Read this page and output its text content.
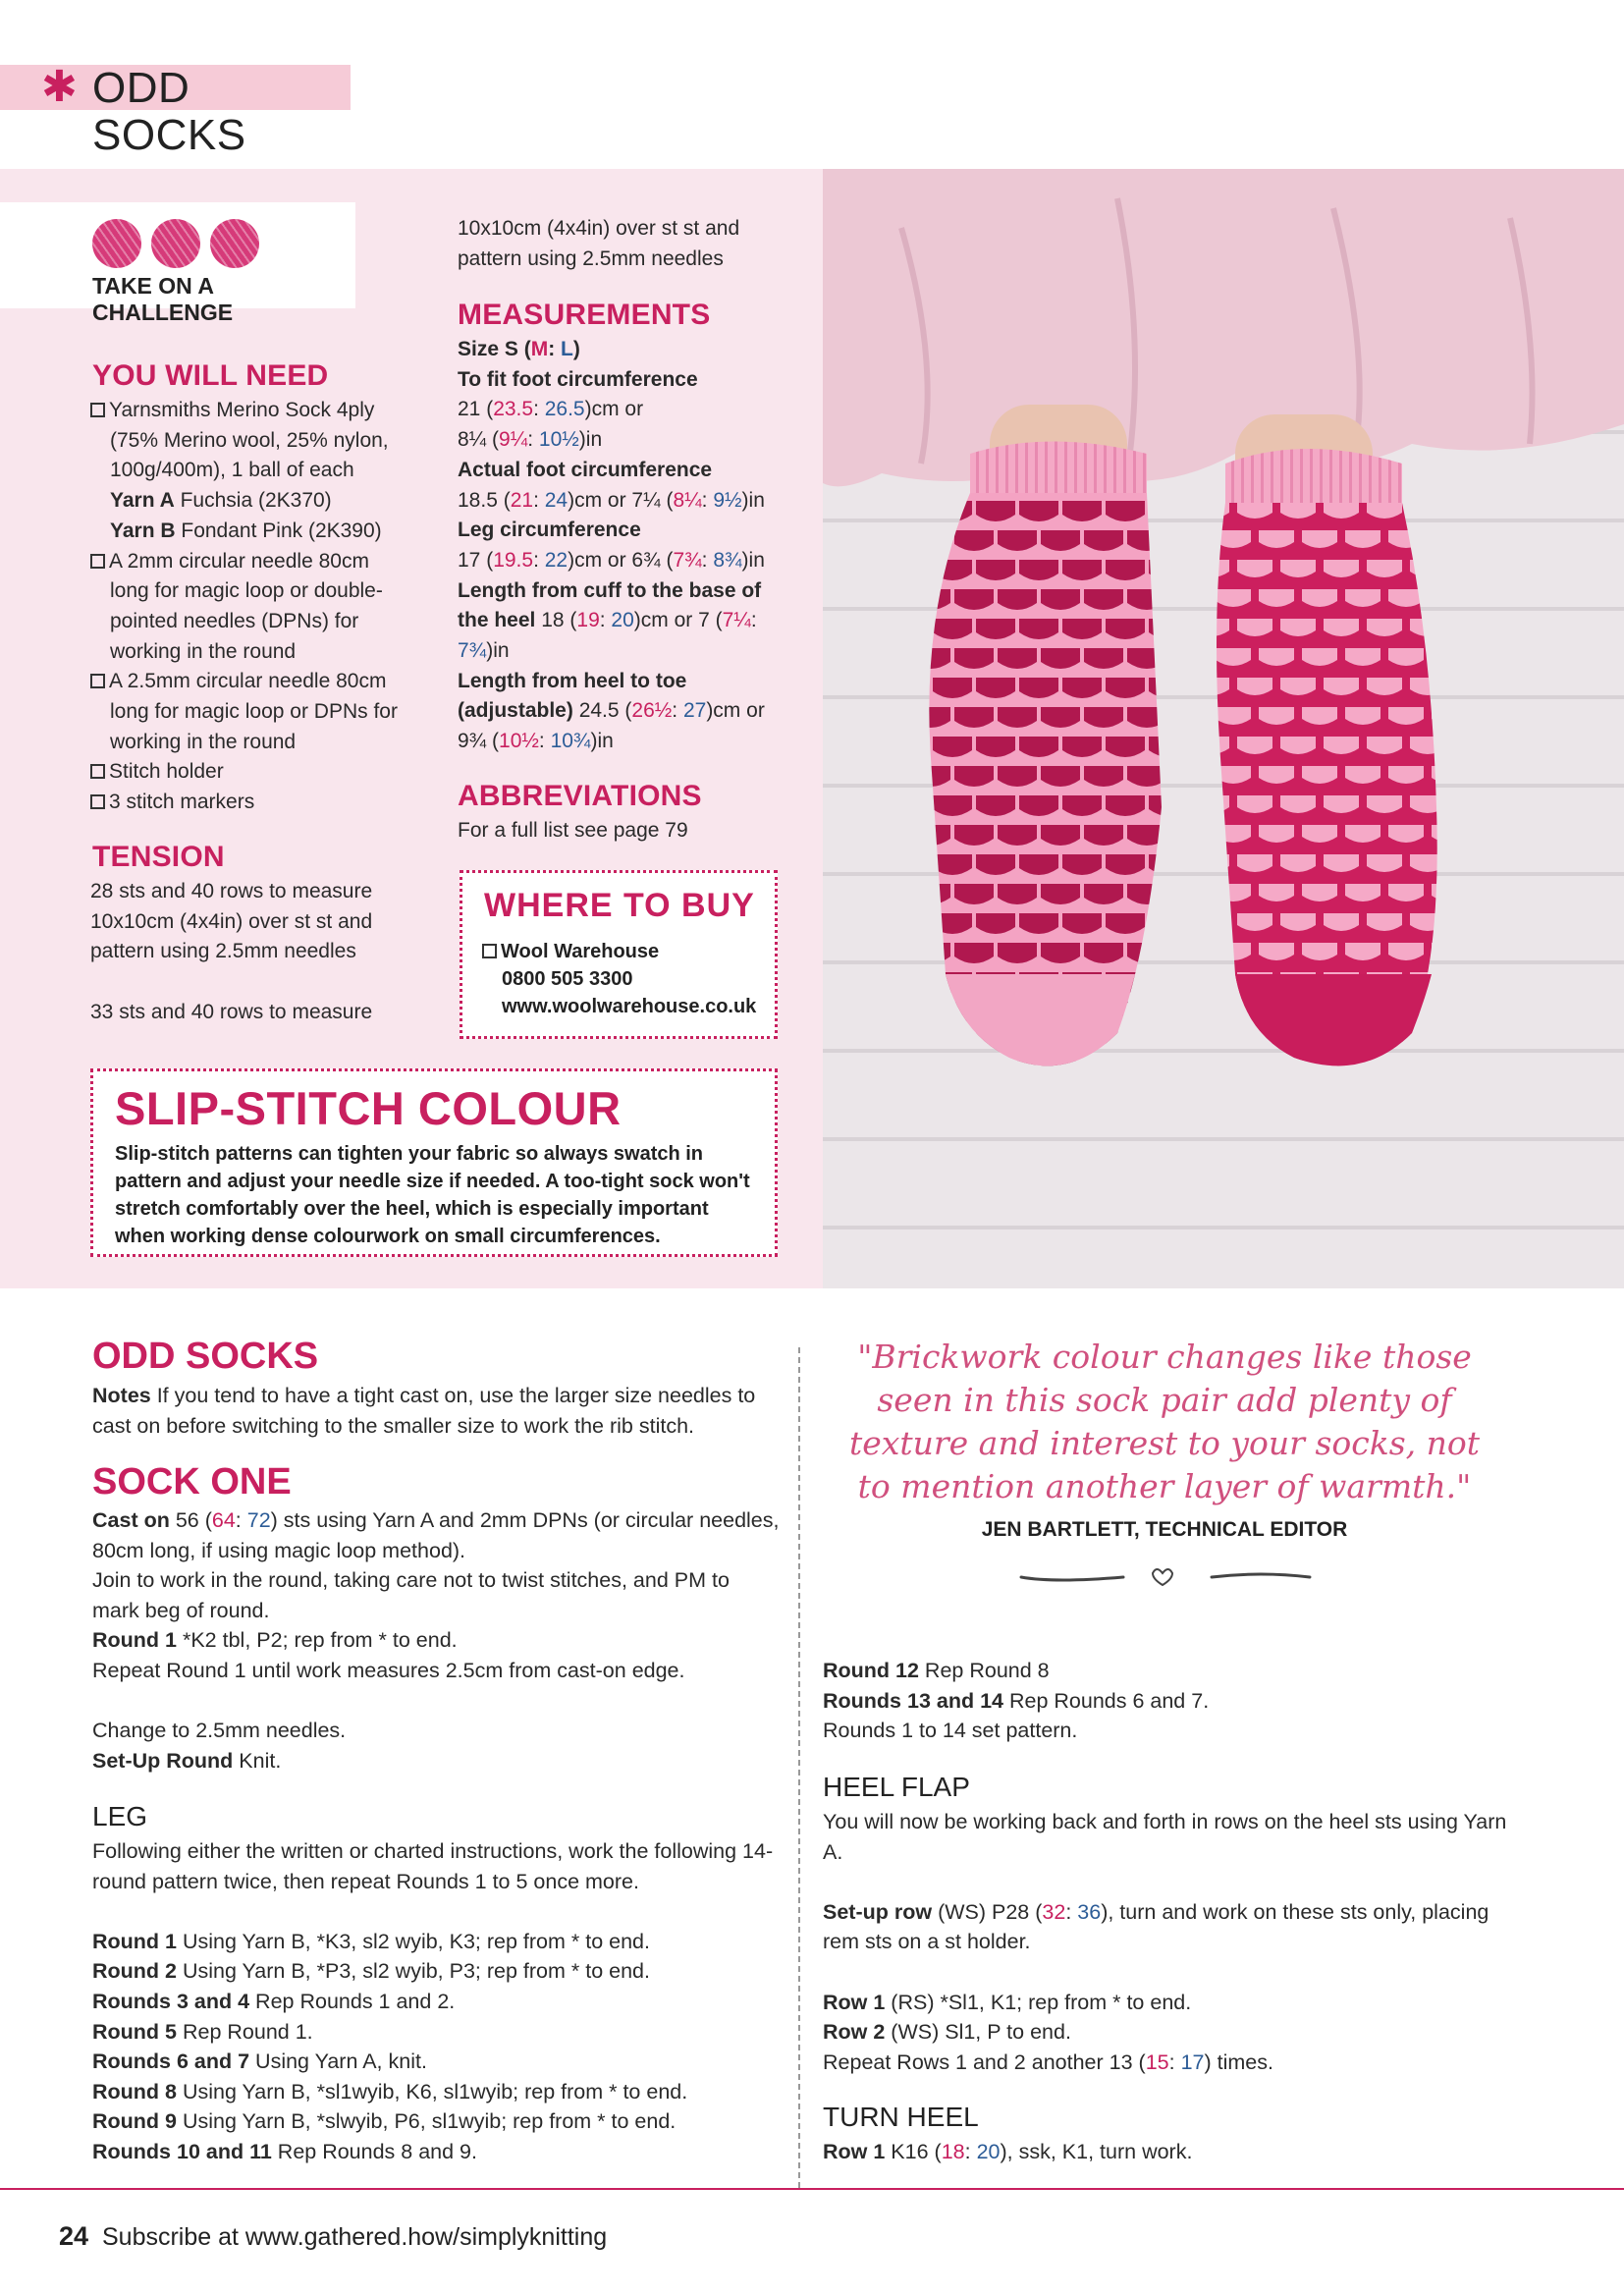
✱ ODD SOCKS
TAKE ON A CHALLENGE
YOU WILL NEED
Yarnsmiths Merino Sock 4ply
(75% Merino wool, 25% nylon,
100g/400m), 1 ball of each
Yarn A Fuchsia (2K370)
Yarn B Fondant Pink (2K390)
A 2mm circular needle 80cm
long for magic loop or double-
pointed needles (DPNs) for
working in the round
A 2.5mm circular needle 80cm
long for magic loop or DPNs for
working in the round
Stitch holder
3 stitch markers
TENSION
28 sts and 40 rows to measure
10x10cm (4x4in) over st st and
pattern using 2.5mm needles

33 sts and 40 rows to measure
10x10cm (4x4in) over st st and
pattern using 2.5mm needles
MEASUREMENTS
Size S (M: L)
To fit foot circumference
21 (23.5: 26.5)cm or
8¼ (9¼: 10½)in
Actual foot circumference
18.5 (21: 24)cm or 7¼ (8¼: 9½)in
Leg circumference
17 (19.5: 22)cm or 6¾ (7¾: 8¾)in
Length from cuff to the base of
the heel 18 (19: 20)cm or 7 (7¼:
7¾)in
Length from heel to toe
(adjustable) 24.5 (26½: 27)cm or
9¾ (10½: 10¾)in
ABBREVIATIONS
For a full list see page 79
WHERE TO BUY
Wool Warehouse
0800 505 3300
www.woolwarehouse.co.uk
SLIP-STITCH COLOUR
Slip-stitch patterns can tighten your fabric so always swatch in pattern and adjust your needle size if needed. A too-tight sock won't stretch comfortably over the heel, which is especially important when working dense colourwork on small circumferences.
ODD SOCKS
Notes If you tend to have a tight cast on, use the larger size needles to cast on before switching to the smaller size to work the rib stitch.
SOCK ONE
Cast on 56 (64: 72) sts using Yarn A and 2mm DPNs (or circular needles, 80cm long, if using magic loop method).
Join to work in the round, taking care not to twist stitches, and PM to mark beg of round.
Round 1 *K2 tbl, P2; rep from * to end.
Repeat Round 1 until work measures 2.5cm from cast-on edge.

Change to 2.5mm needles.
Set-Up Round Knit.
LEG
Following either the written or charted instructions, work the following 14-round pattern twice, then repeat Rounds 1 to 5 once more.

Round 1 Using Yarn B, *K3, sl2 wyib, K3; rep from * to end.
Round 2 Using Yarn B, *P3, sl2 wyib, P3; rep from * to end.
Rounds 3 and 4 Rep Rounds 1 and 2.
Round 5 Rep Round 1.
Rounds 6 and 7 Using Yarn A, knit.
Round 8 Using Yarn B, *sl1wyib, K6, sl1wyib; rep from * to end.
Round 9 Using Yarn B, *slwyib, P6, sl1wyib; rep from * to end.
Rounds 10 and 11 Rep Rounds 8 and 9.
"Brickwork colour changes like those seen in this sock pair add plenty of texture and interest to your socks, not to mention another layer of warmth."
JEN BARTLETT, TECHNICAL EDITOR
Round 12 Rep Round 8
Rounds 13 and 14 Rep Rounds 6 and 7.
Rounds 1 to 14 set pattern.
HEEL FLAP
You will now be working back and forth in rows on the heel sts using Yarn A.

Set-up row (WS) P28 (32: 36), turn and work on these sts only, placing rem sts on a st holder.

Row 1 (RS) *Sl1, K1; rep from * to end.
Row 2 (WS) Sl1, P to end.
Repeat Rows 1 and 2 another 13 (15: 17) times.
TURN HEEL
Row 1 K16 (18: 20), ssk, K1, turn work.
24 Subscribe at www.gathered.how/simplyknitting
